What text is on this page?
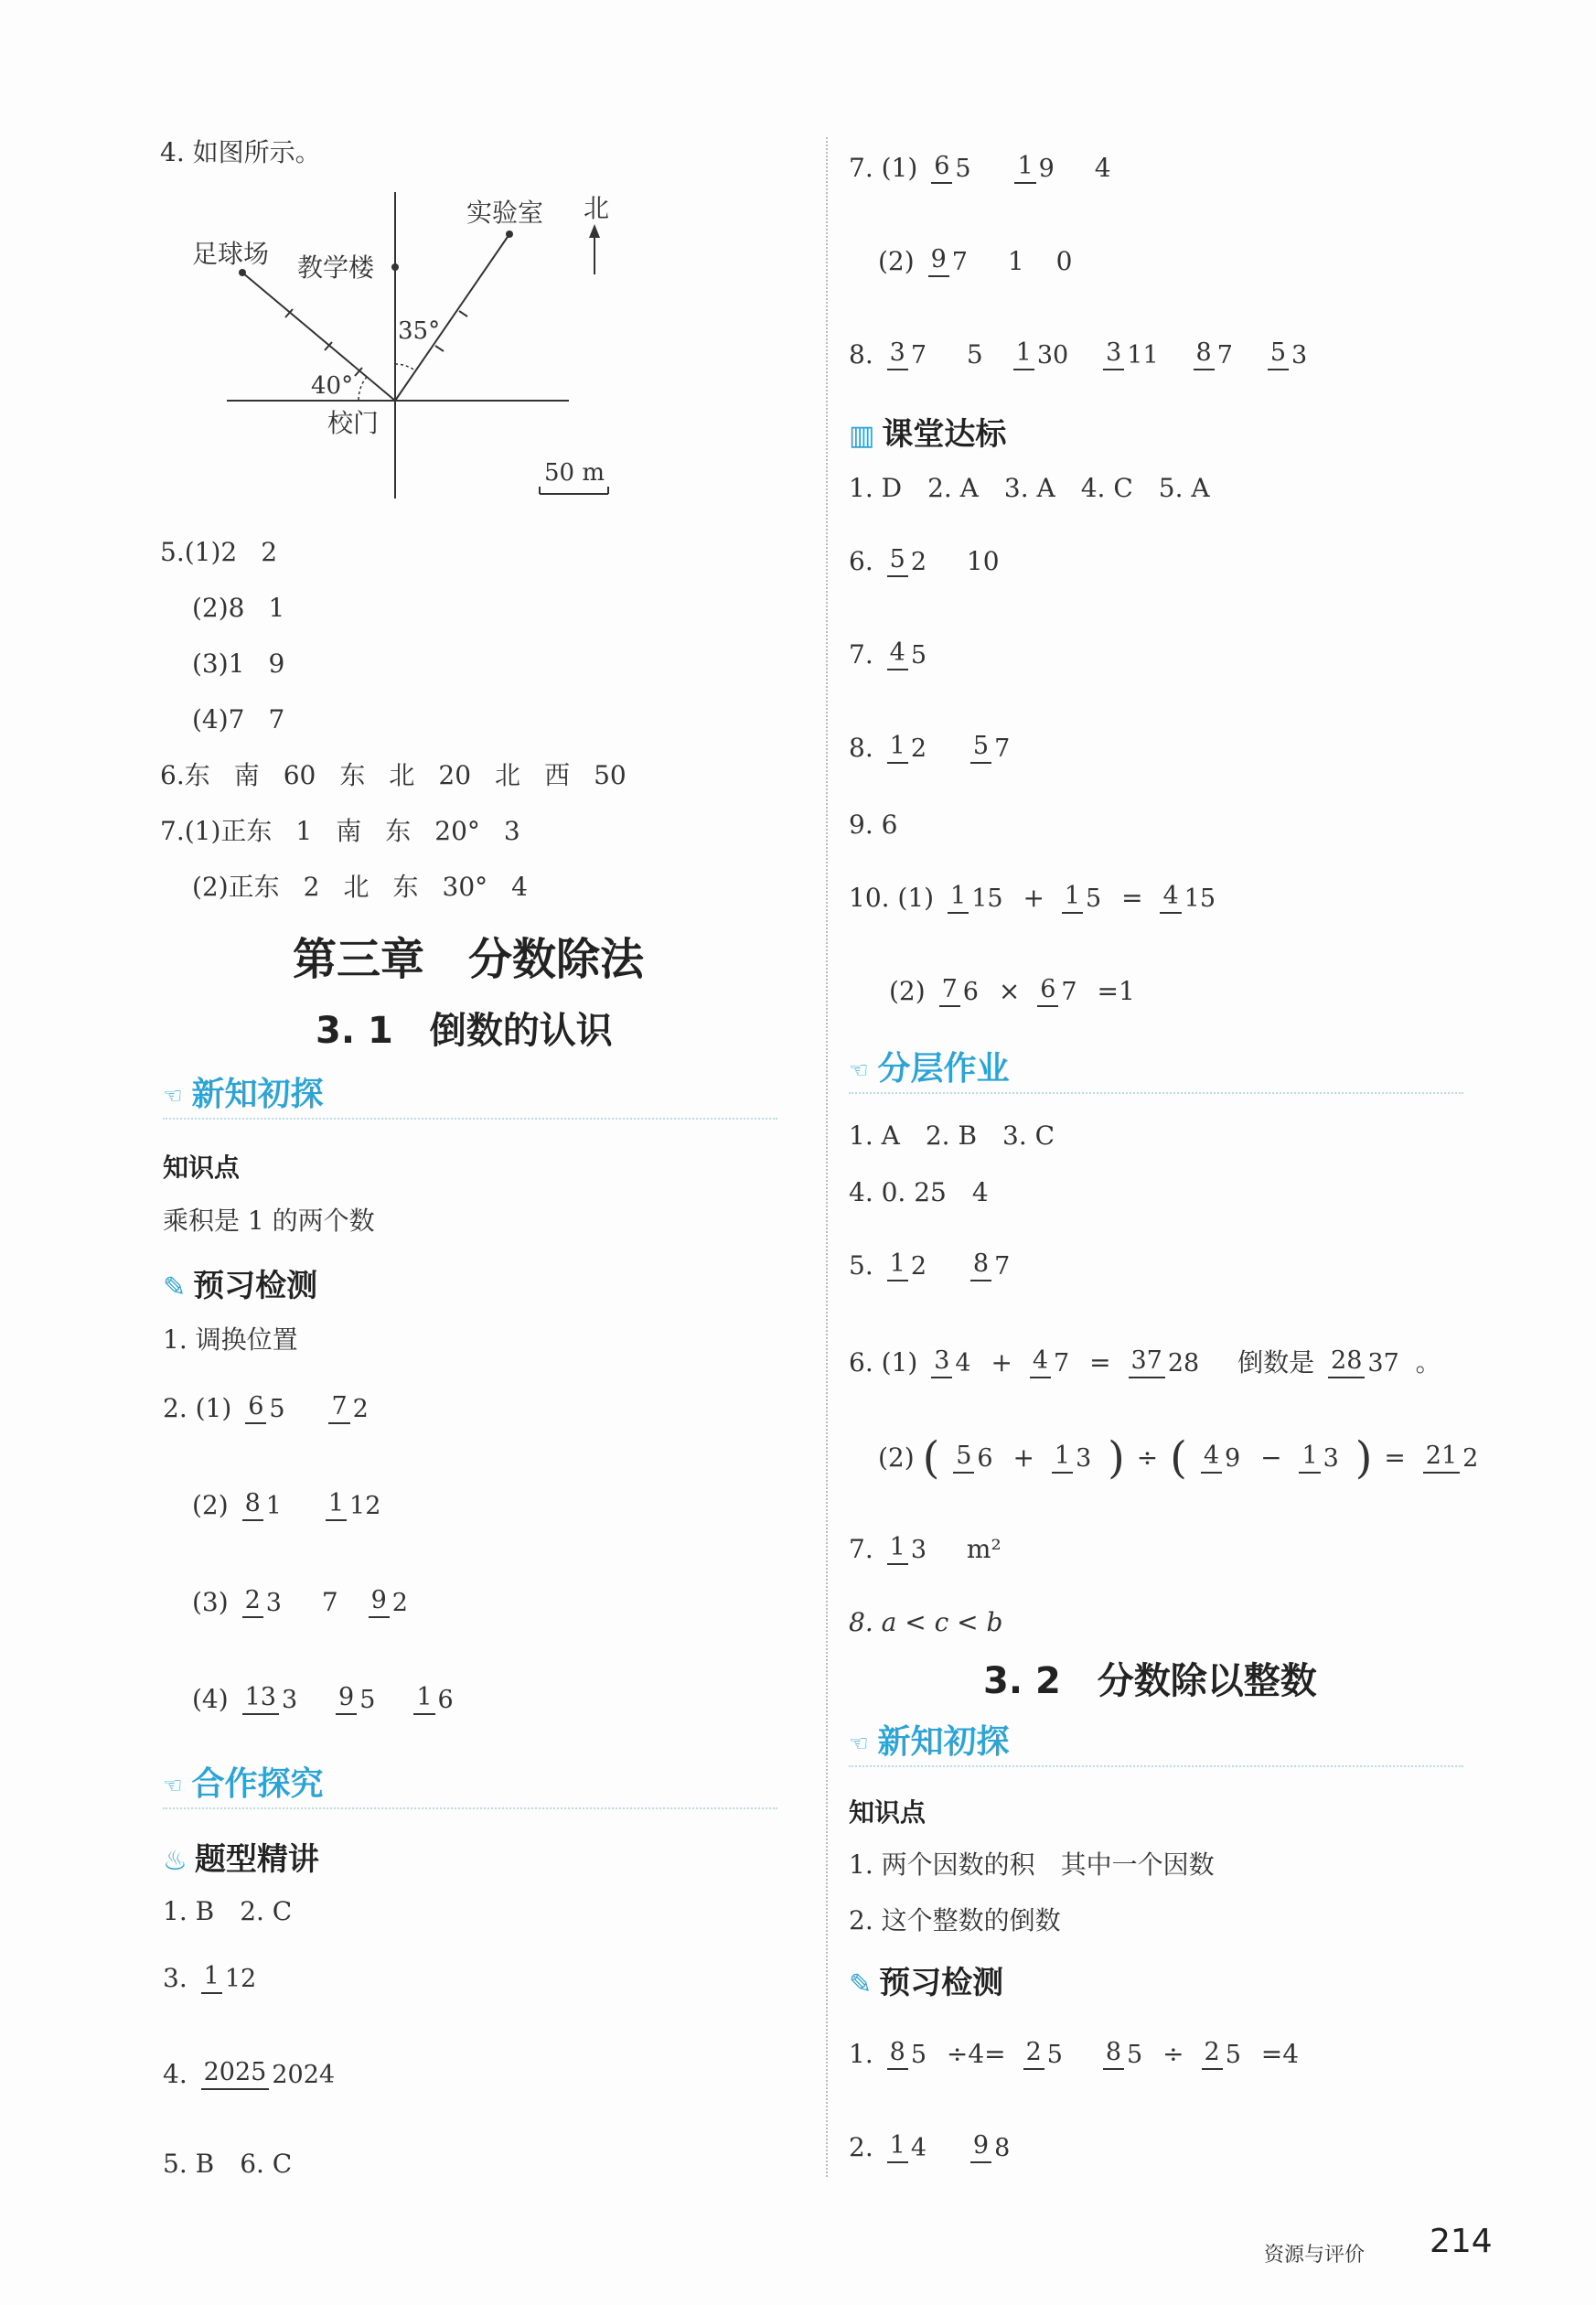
4. 如图所示。
足球场 教学楼
实验室 北
校门
50 m
35°
40°
5.(1)2 2
(2)8 1
(3)1 9
(4)7 7
6.东 南 60 东 北 20 北 西 50
7.(1)正东 1 南 东 20° 3
(2)正东 2 北 东 30° 4
第三章　分数除法
3. 1　倒数的认识
☜ 新知初探
知识点
乘积是 1 的两个数
✎ 预习检测
1. 调换位置
2. (1) 6 5 7 2
(2) 8 1 1 12
(3) 2 3 7 9 2
(4) 13 3 9 5 1 6
☜ 合作探究
♨ 题型精讲
1. B　2. C
3. 1 12
4. 2025 2024
5. B　6. C
7. (1) 6 5 1 9 4
(2) 9 7 1 0
8. 3 7 5 1 30 3 11 8 7 5 3
▥ 课堂达标
1. D　2. A　3. A　4. C　5. A
6. 5 2 10
7. 4 5
8. 1 2 5 7
9. 6
10. (1) 1 15 + 1 5 = 4 15
(2) 7 6 × 6 7 =1
☜ 分层作业
1. A　2. B　3. C
4. 0. 25　4
5. 1 2 8 7
6. (1) 3 4 + 4 7 = 37 28 倒数是 28 37 。
(2) ( 5 6 + 1 3 ) ÷ ( 4 9 − 1 3 ) = 21 2
7. 1 3 m²
8. a < c < b
3. 2　分数除以整数
☜ 新知初探
知识点
1. 两个因数的积　其中一个因数
2. 这个整数的倒数
✎ 预习检测
1. 8 5 ÷4= 2 5 8 5 ÷ 2 5 =4
2. 1 4 9 8
资源与评价 214
